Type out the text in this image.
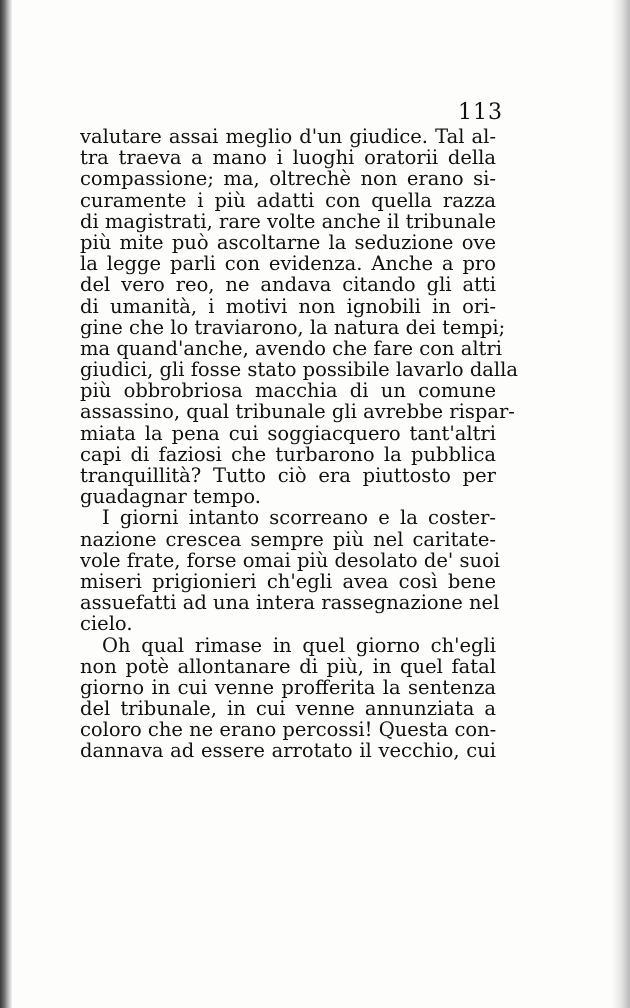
113
valutare assai meglio d'un giudice. Tal al-
tra traeva a mano i luoghi oratorii della
compassione; ma, oltrechè non erano si-
curamente i più adatti con quella razza
di magistrati, rare volte anche il tribunale
più mite può ascoltarne la seduzione ove
la legge parli con evidenza. Anche a pro
del vero reo, ne andava citando gli atti
di umanità, i motivi non ignobili in ori-
gine che lo traviarono, la natura dei tempi;
ma quand'anche, avendo che fare con altri
giudici, gli fosse stato possibile lavarlo dalla
più obbrobriosa macchia di un comune
assassino, qual tribunale gli avrebbe rispar-
miata la pena cui soggiacquero tant'altri
capi di faziosi che turbarono la pubblica
tranquillità? Tutto ciò era piuttosto per
guadagnar tempo.
I giorni intanto scorreano e la coster-
nazione crescea sempre più nel caritate-
vole frate, forse omai più desolato de' suoi
miseri prigionieri ch'egli avea così bene
assuefatti ad una intera rassegnazione nel
cielo.
Oh qual rimase in quel giorno ch'egli
non potè allontanare di più, in quel fatal
giorno in cui venne profferita la sentenza
del tribunale, in cui venne annunziata a
coloro che ne erano percossi! Questa con-
dannava ad essere arrotato il vecchio, cui
